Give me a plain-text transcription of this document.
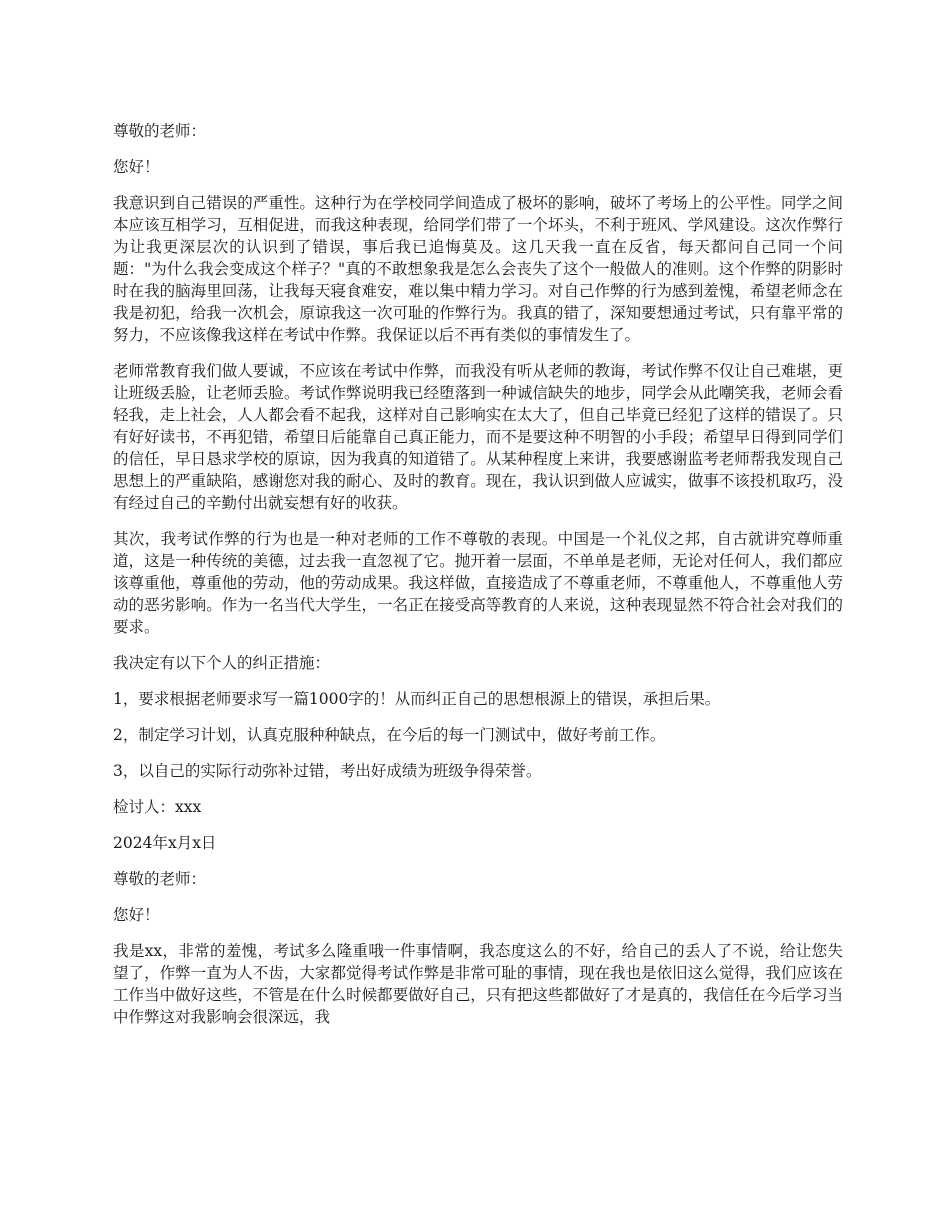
尊敬的老师：

您好！

我意识到自己错误的严重性。这种行为在学校同学间造成了极坏的影响，破坏了考场上的公平性。同学之间本应该互相学习，互相促进，而我这种表现，给同学们带了一个坏头，不利于班风、学风建设。这次作弊行为让我更深层次的认识到了错误，事后我已追悔莫及。这几天我一直在反省，每天都问自己同一个问题："为什么我会变成这个样子？"真的不敢想象我是怎么会丧失了这个一般做人的准则。这个作弊的阴影时时在我的脑海里回荡，让我每天寝食难安，难以集中精力学习。对自己作弊的行为感到羞愧，希望老师念在我是初犯，给我一次机会，原谅我这一次可耻的作弊行为。我真的错了，深知要想通过考试，只有靠平常的努力，不应该像我这样在考试中作弊。我保证以后不再有类似的事情发生了。

老师常教育我们做人要诚，不应该在考试中作弊，而我没有听从老师的教诲，考试作弊不仅让自己难堪，更让班级丢脸，让老师丢脸。考试作弊说明我已经堕落到一种诚信缺失的地步，同学会从此嘲笑我，老师会看轻我，走上社会，人人都会看不起我，这样对自己影响实在太大了，但自己毕竟已经犯了这样的错误了。只有好好读书，不再犯错，希望日后能靠自己真正能力，而不是要这种不明智的小手段；希望早日得到同学们的信任，早日恳求学校的原谅，因为我真的知道错了。从某种程度上来讲，我要感谢监考老师帮我发现自己思想上的严重缺陷，感谢您对我的耐心、及时的教育。现在，我认识到做人应诚实，做事不该投机取巧，没有经过自己的辛勤付出就妄想有好的收获。

其次，我考试作弊的行为也是一种对老师的工作不尊敬的表现。中国是一个礼仪之邦，自古就讲究尊师重道，这是一种传统的美德，过去我一直忽视了它。抛开着一层面，不单单是老师，无论对任何人，我们都应该尊重他，尊重他的劳动，他的劳动成果。我这样做，直接造成了不尊重老师，不尊重他人，不尊重他人劳动的恶劣影响。作为一名当代大学生，一名正在接受高等教育的人来说，这种表现显然不符合社会对我们的要求。

我决定有以下个人的纠正措施：

1，要求根据老师要求写一篇1000字的！从而纠正自己的思想根源上的错误，承担后果。

2，制定学习计划，认真克服种种缺点，在今后的每一门测试中，做好考前工作。

3，以自己的实际行动弥补过错，考出好成绩为班级争得荣誉。

检讨人：xxx

2024年x月x日

尊敬的老师：

您好！

我是xx，非常的羞愧，考试多么隆重哦一件事情啊，我态度这么的不好，给自己的丢人了不说，给让您失望了，作弊一直为人不齿，大家都觉得考试作弊是非常可耻的事情，现在我也是依旧这么觉得，我们应该在工作当中做好这些，不管是在什么时候都要做好自己，只有把这些都做好了才是真的，我信任在今后学习当中作弊这对我影响会很深远，我
